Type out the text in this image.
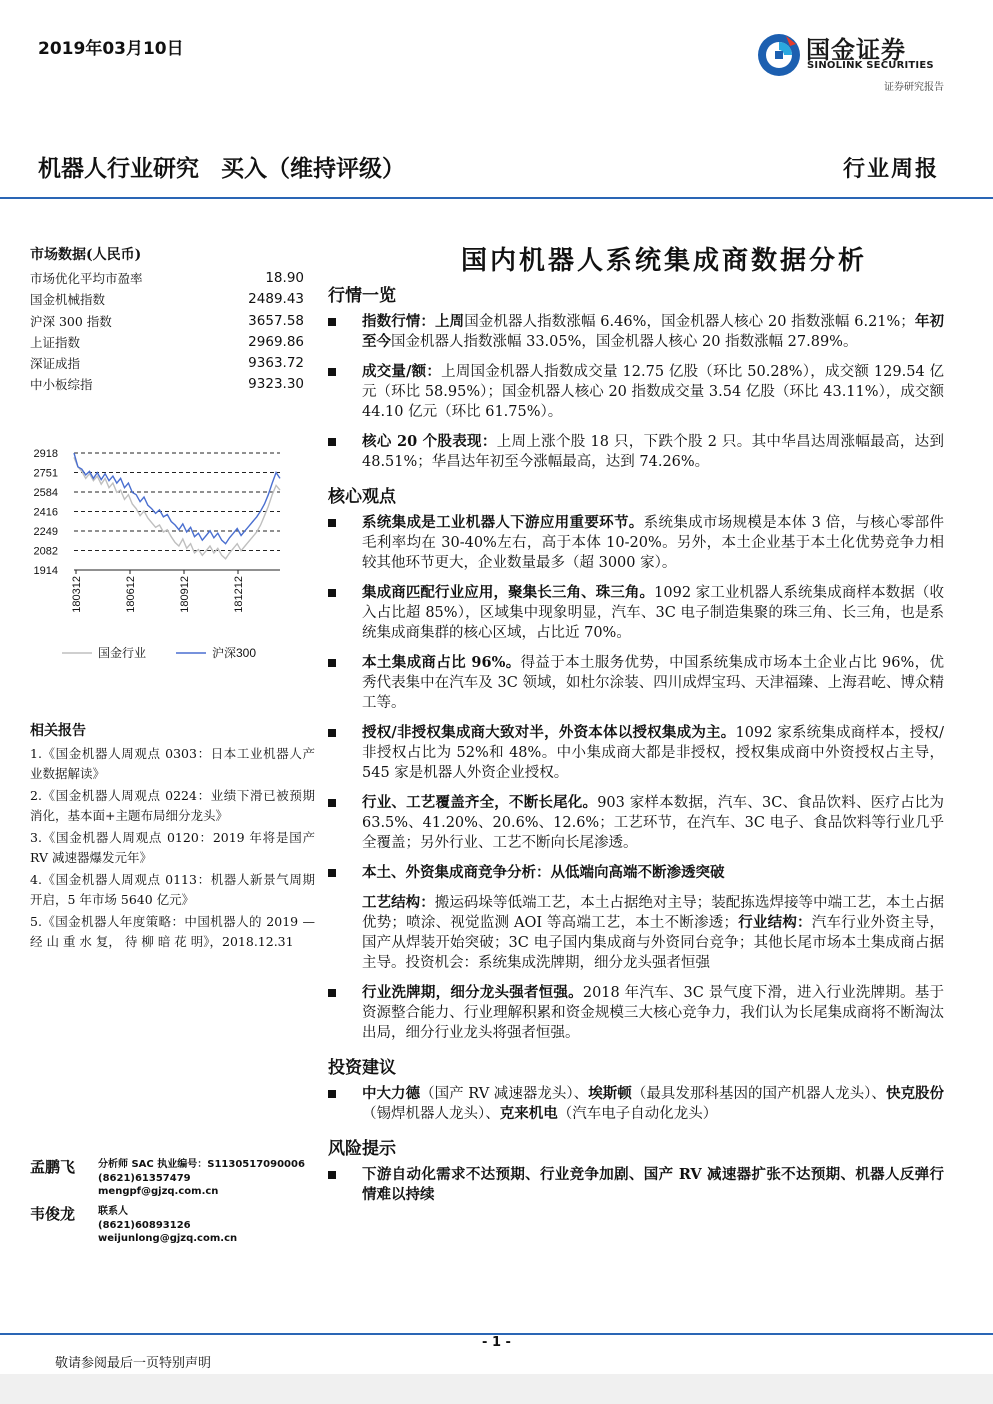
2019年03月10日	国金证券
SINOLINK SECURITIES
证券研究报告
机器人行业研究 买入（维持评级）	行业周报
市场数据(人民币)
市场优化平均市盈率	18.90
国金机械指数	2489.43
沪深 300 指数	3657.58
上证指数	2969.86
深证成指	9363.72
中小板综指	9323.30
2918
2751
2584
2416
2249
2082
1914
180312	180612	180912	181212
国金行业	沪深300
相关报告
1.《国金机器人周观点 0303：日本工业机器人产业数据解读》
2.《国金机器人周观点 0224：业绩下滑已被预期消化，基本面+主题布局细分龙头》
3.《国金机器人周观点 0120：2019 年将是国产 RV 减速器爆发元年》
4.《国金机器人周观点 0113：机器人新景气周期开启，5 年市场 5640 亿元》
5.《国金机器人年度策略：中国机器人的 2019 — 经 山 重 水 复， 待 柳 暗 花 明》，2018.12.31
孟鹏飞 分析师 SAC 执业编号：S1130517090006
(8621)61357479
mengpf@gjzq.com.cn
韦俊龙 联系人
(8621)60893126
weijunlong@gjzq.com.cn
国内机器人系统集成商数据分析
行情一览
指数行情：上周国金机器人指数涨幅 6.46%，国金机器人核心 20 指数涨幅 6.21%；年初至今国金机器人指数涨幅 33.05%，国金机器人核心 20 指数涨幅 27.89%。
成交量/额：上周国金机器人指数成交量 12.75 亿股（环比 50.28%），成交额 129.54 亿元（环比 58.95%）；国金机器人核心 20 指数成交量 3.54 亿股（环比 43.11%），成交额 44.10 亿元（环比 61.75%）。
核心 20 个股表现：上周上涨个股 18 只，下跌个股 2 只。其中华昌达周涨幅最高，达到 48.51%；华昌达年初至今涨幅最高，达到 74.26%。
核心观点
系统集成是工业机器人下游应用重要环节。系统集成市场规模是本体 3 倍，与核心零部件毛利率均在 30-40%左右，高于本体 10-20%。另外，本土企业基于本土化优势竞争力相较其他环节更大，企业数量最多（超 3000 家）。
集成商匹配行业应用，聚集长三角、珠三角。1092 家工业机器人系统集成商样本数据（收入占比超 85%），区域集中现象明显，汽车、3C 电子制造集聚的珠三角、长三角，也是系统集成商集群的核心区域，占比近 70%。
本土集成商占比 96%。得益于本土服务优势，中国系统集成市场本土企业占比 96%，优秀代表集中在汽车及 3C 领域，如杜尔涂装、四川成焊宝玛、天津福臻、上海君屹、博众精工等。
授权/非授权集成商大致对半，外资本体以授权集成为主。1092 家系统集成商样本，授权/非授权占比为 52%和 48%。中小集成商大都是非授权，授权集成商中外资授权占主导，545 家是机器人外资企业授权。
行业、工艺覆盖齐全，不断长尾化。903 家样本数据，汽车、3C、食品饮料、医疗占比为 63.5%、41.20%、20.6%、12.6%；工艺环节，在汽车、3C 电子、食品饮料等行业几乎全覆盖；另外行业、工艺不断向长尾渗透。
本土、外资集成商竞争分析：从低端向高端不断渗透突破
工艺结构：搬运码垛等低端工艺，本土占据绝对主导；装配拣选焊接等中端工艺，本土占据优势；喷涂、视觉监测 AOI 等高端工艺，本土不断渗透；行业结构：汽车行业外资主导，国产从焊装开始突破；3C 电子国内集成商与外资同台竞争；其他长尾市场本土集成商占据主导。投资机会：系统集成洗牌期，细分龙头强者恒强
行业洗牌期，细分龙头强者恒强。2018 年汽车、3C 景气度下滑，进入行业洗牌期。基于资源整合能力、行业理解积累和资金规模三大核心竞争力，我们认为长尾集成商将不断淘汰出局，细分行业龙头将强者恒强。
投资建议
中大力德（国产 RV 减速器龙头）、埃斯顿（最具发那科基因的国产机器人龙头）、快克股份（锡焊机器人龙头）、克来机电（汽车电子自动化龙头）
风险提示
下游自动化需求不达预期、行业竞争加剧、国产 RV 减速器扩张不达预期、机器人反弹行情难以持续
- 1 -
敬请参阅最后一页特别声明
